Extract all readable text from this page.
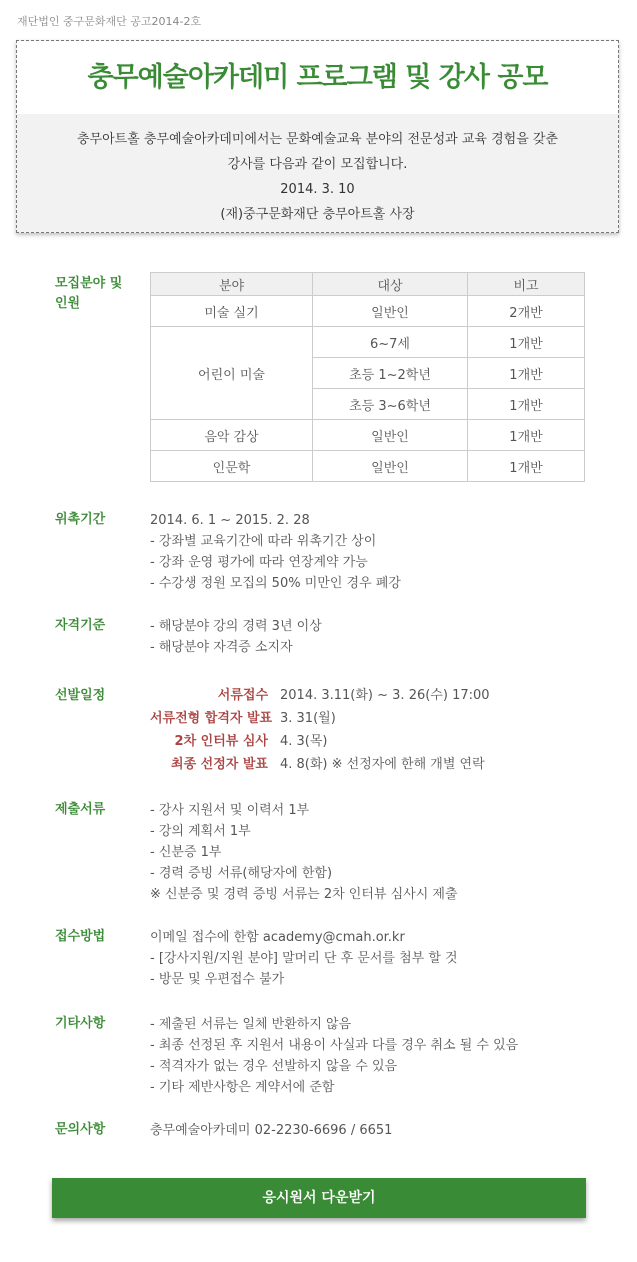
재단법인 중구문화재단 공고2014-2호
충무예술아카데미 프로그램 및 강사 공모
충무아트홀 충무예술아카데미에서는 문화예술교육 분야의 전문성과 교육 경험을 갖춘
강사를 다음과 같이 모집합니다.
2014. 3. 10
(재)중구문화재단 충무아트홀 사장
모집분야 및
인원
분야	대상	비고
미술 실기	일반인	2개반
어린이 미술	6~7세	1개반
	초등 1~2학년	1개반
	초등 3~6학년	1개반
음악 감상	일반인	1개반
인문학	일반인	1개반
위촉기간	2014. 6. 1 ~ 2015. 2. 28
- 강좌별 교육기간에 따라 위촉기간 상이
- 강좌 운영 평가에 따라 연장계약 가능
- 수강생 정원 모집의 50% 미만인 경우 폐강
자격기준	- 해당분야 강의 경력 3년 이상
- 해당분야 자격증 소지자
선발일정	서류접수 2014. 3.11(화) ~ 3. 26(수) 17:00
서류전형 합격자 발표 3. 31(월)
2차 인터뷰 심사 4. 3(목)
최종 선정자 발표 4. 8(화) ※ 선정자에 한해 개별 연락
제출서류	- 강사 지원서 및 이력서 1부
- 강의 계획서 1부
- 신분증 1부
- 경력 증빙 서류(해당자에 한함)
※ 신분증 및 경력 증빙 서류는 2차 인터뷰 심사시 제출
접수방법	이메일 접수에 한함 academy@cmah.or.kr
- [강사지원/지원 분야] 말머리 단 후 문서를 첨부 할 것
- 방문 및 우편접수 불가
기타사항	- 제출된 서류는 일체 반환하지 않음
- 최종 선정된 후 지원서 내용이 사실과 다를 경우 취소 될 수 있음
- 적격자가 없는 경우 선발하지 않을 수 있음
- 기타 제반사항은 계약서에 준함
문의사항	충무예술아카데미 02-2230-6696 / 6651
응시원서 다운받기
